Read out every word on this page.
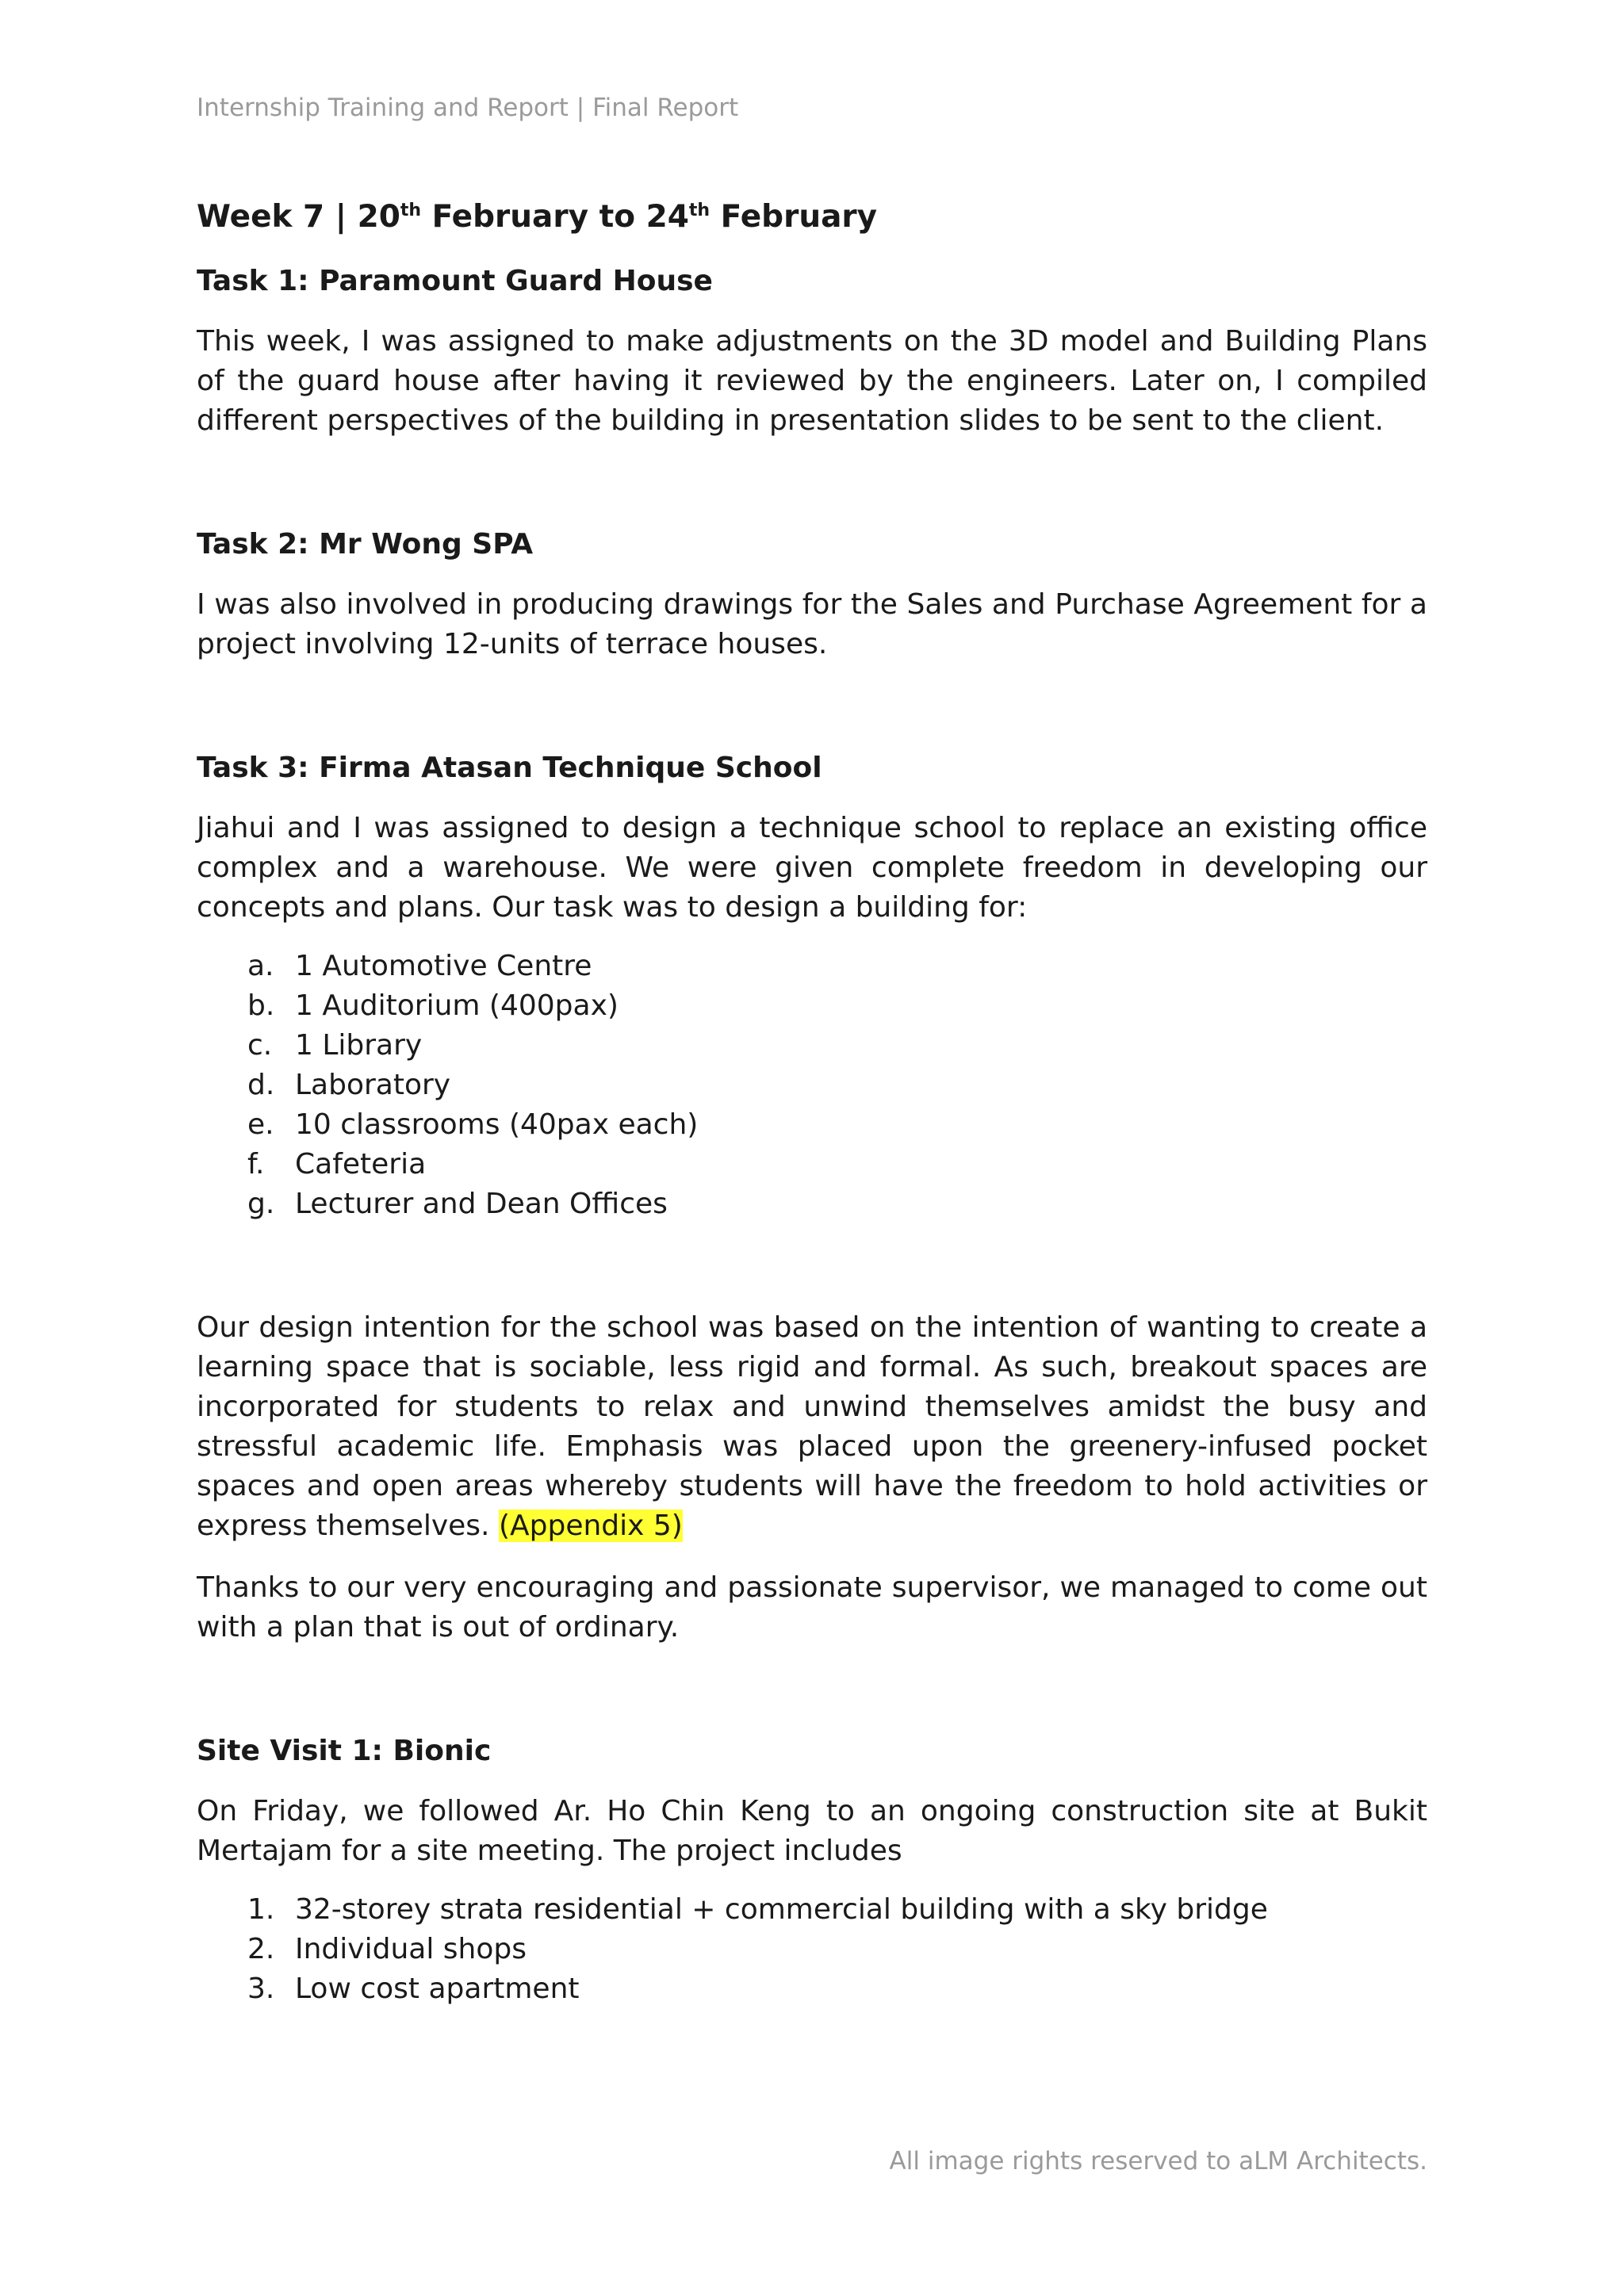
Internship Training and Report | Final Report
Week 7 | 20th February to 24th February
Task 1: Paramount Guard House

This week, I was assigned to make adjustments on the 3D model and Building Plans of the guard house after having it reviewed by the engineers. Later on, I compiled different perspectives of the building in presentation slides to be sent to the client.

Task 2: Mr Wong SPA

I was also involved in producing drawings for the Sales and Purchase Agreement for a project involving 12-units of terrace houses.

Task 3: Firma Atasan Technique School

Jiahui and I was assigned to design a technique school to replace an existing office complex and a warehouse. We were given complete freedom in developing our concepts and plans. Our task was to design a building for:

a. 1 Automotive Centre
b. 1 Auditorium (400pax)
c. 1 Library
d. Laboratory
e. 10 classrooms (40pax each)
f.	Cafeteria
g. Lecturer and Dean Offices

Our design intention for the school was based on the intention of wanting to create a learning space that is sociable, less rigid and formal. As such, breakout spaces are incorporated for students to relax and unwind themselves amidst the busy and stressful academic life. Emphasis was placed upon the greenery-infused pocket spaces and open areas whereby students will have the freedom to hold activities or express themselves. (Appendix 5)

Thanks to our very encouraging and passionate supervisor, we managed to come out with a plan that is out of ordinary.

Site Visit 1: Bionic

On Friday, we followed Ar. Ho Chin Keng to an ongoing construction site at Bukit Mertajam for a site meeting. The project includes

1. 32-storey strata residential + commercial building with a sky bridge
2. Individual shops
3. Low cost apartment
All image rights reserved to aLM Architects.
